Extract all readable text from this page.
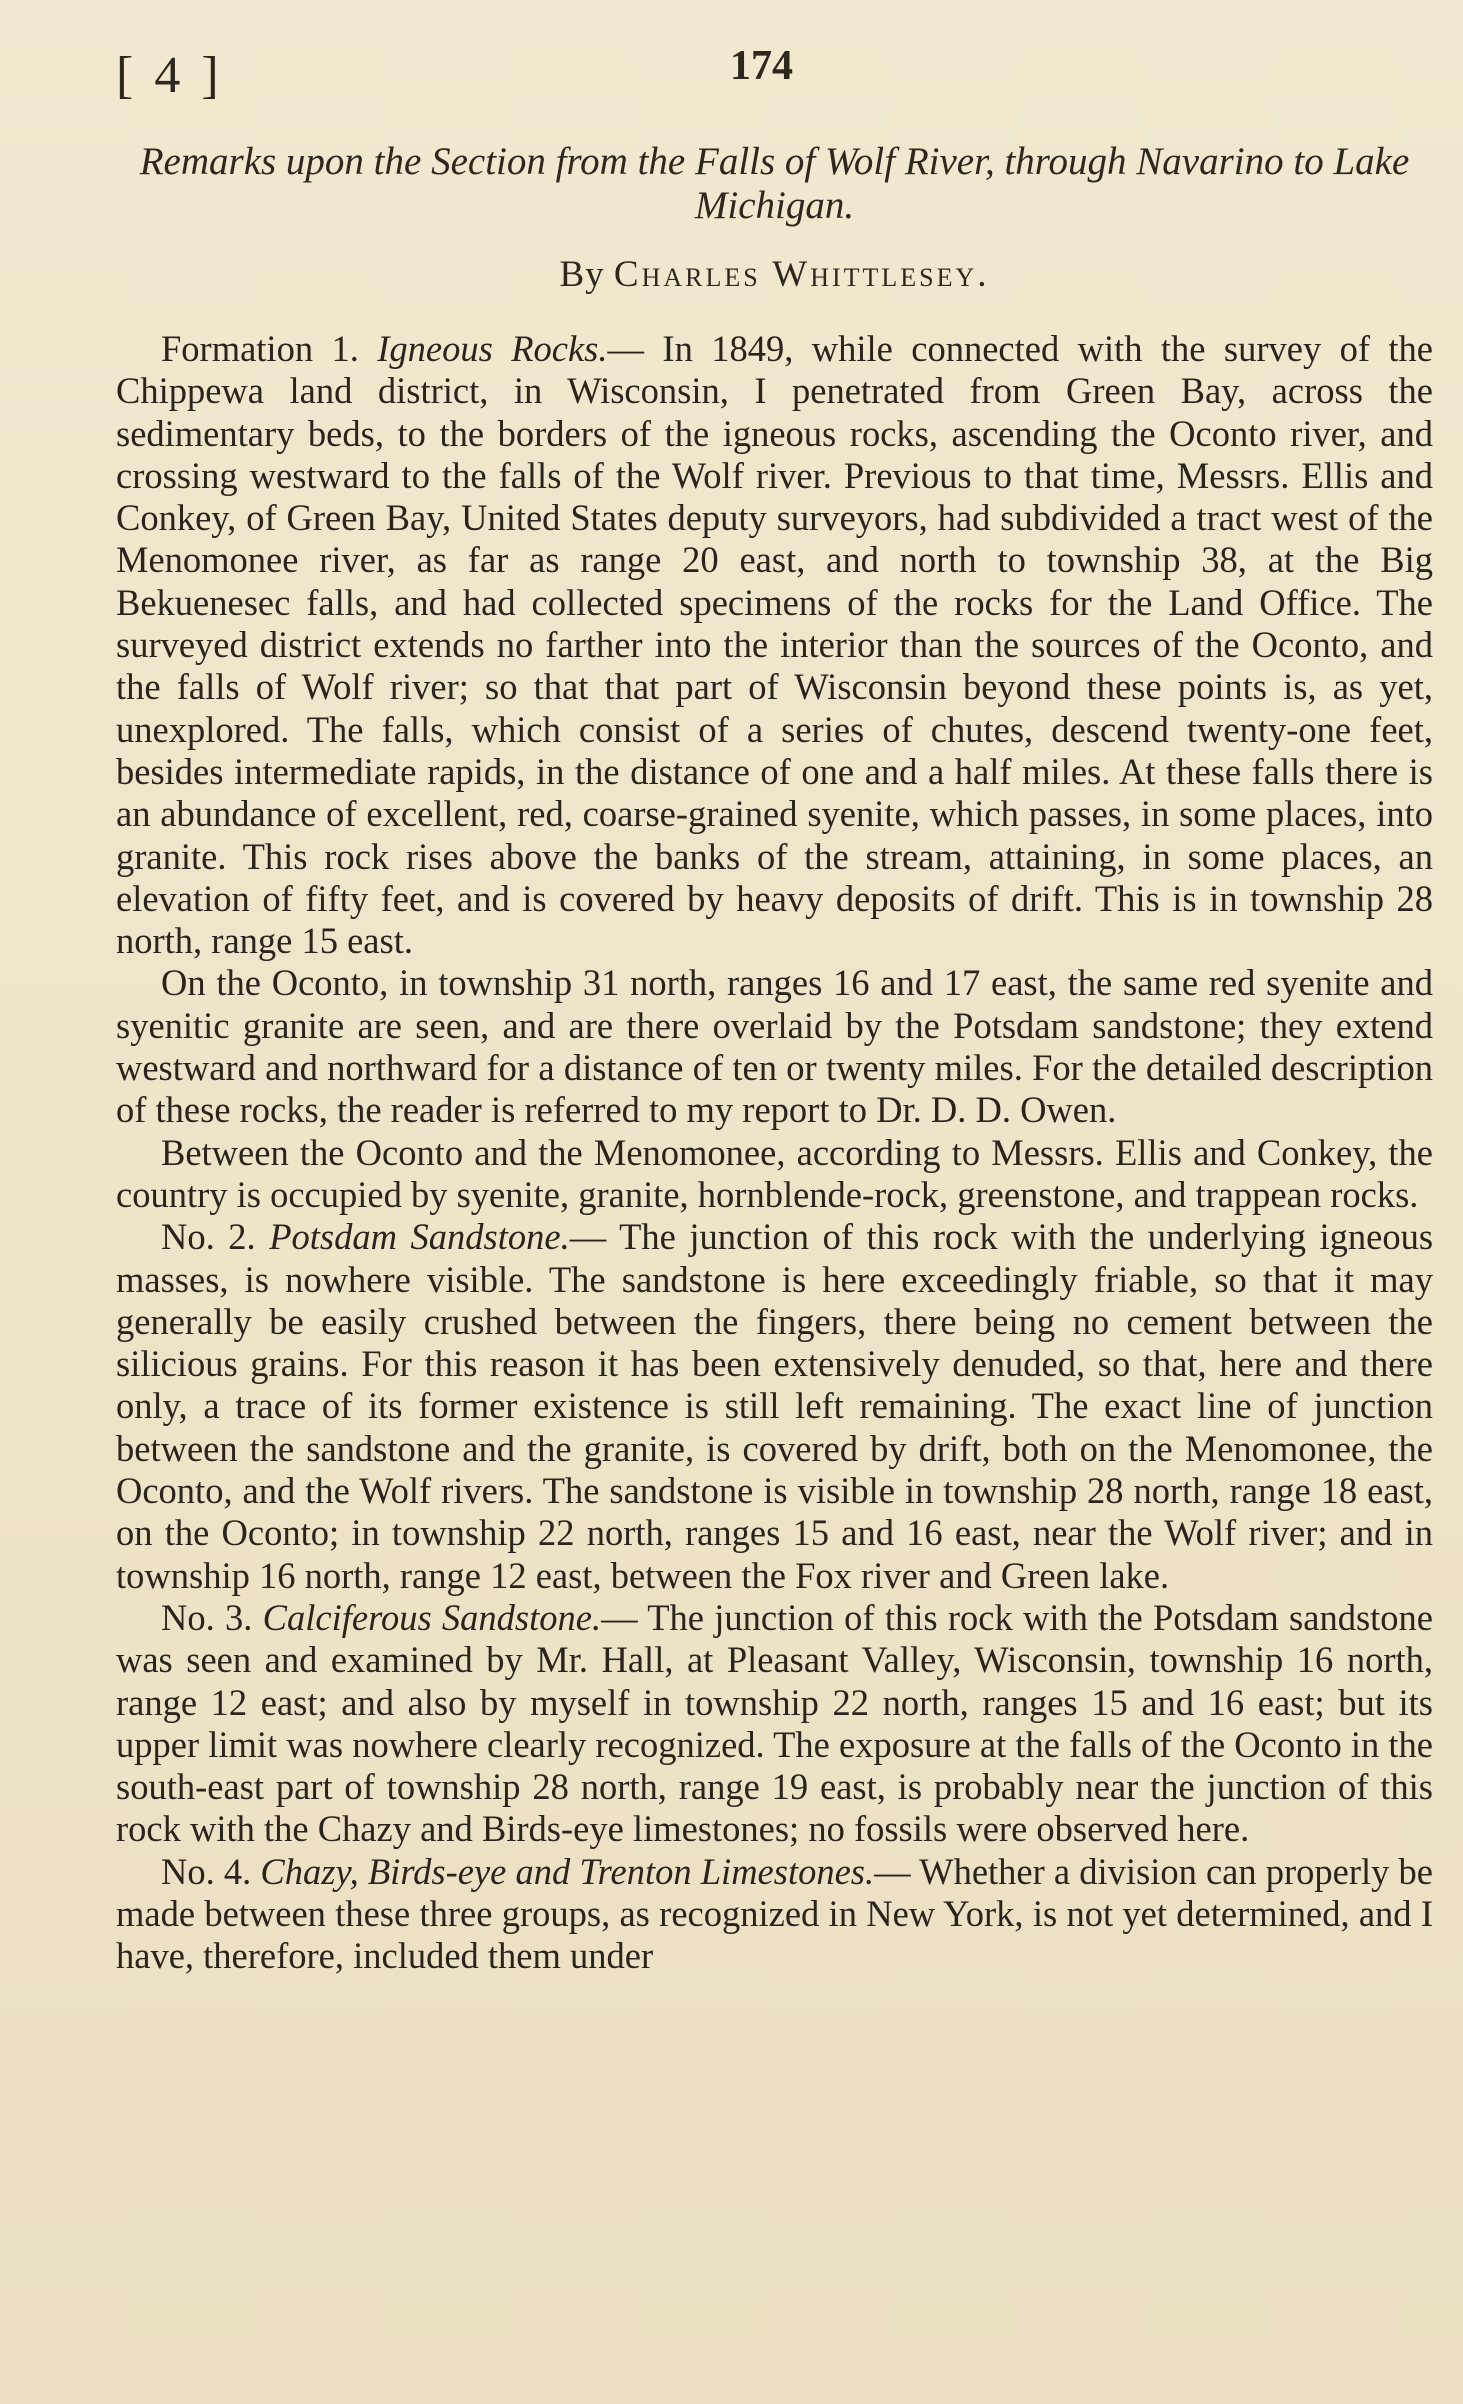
[ 4 ]	174
Remarks upon the Section from the Falls of Wolf River, through Navarino to Lake Michigan.
By Charles Whittlesey.

Formation 1. Igneous Rocks.— In 1849, while connected with the survey of the Chippewa land district, in Wisconsin, I penetrated from Green Bay, across the sedimentary beds, to the borders of the igneous rocks, ascending the Oconto river, and crossing westward to the falls of the Wolf river. Previous to that time, Messrs. Ellis and Conkey, of Green Bay, United States deputy surveyors, had subdivided a tract west of the Menomonee river, as far as range 20 east, and north to township 38, at the Big Bekuenesec falls, and had collected specimens of the rocks for the Land Office. The surveyed district extends no farther into the interior than the sources of the Oconto, and the falls of Wolf river; so that that part of Wisconsin beyond these points is, as yet, unexplored. The falls, which consist of a series of chutes, descend twenty-one feet, besides intermediate rapids, in the distance of one and a half miles. At these falls there is an abundance of excellent, red, coarse-grained syenite, which passes, in some places, into granite. This rock rises above the banks of the stream, attaining, in some places, an elevation of fifty feet, and is covered by heavy deposits of drift. This is in township 28 north, range 15 east.

On the Oconto, in township 31 north, ranges 16 and 17 east, the same red syenite and syenitic granite are seen, and are there overlaid by the Potsdam sandstone; they extend westward and northward for a distance of ten or twenty miles. For the detailed description of these rocks, the reader is referred to my report to Dr. D. D. Owen.

Between the Oconto and the Menomonee, according to Messrs. Ellis and Conkey, the country is occupied by syenite, granite, hornblende-rock, greenstone, and trappean rocks.

No. 2. Potsdam Sandstone.— The junction of this rock with the underlying igneous masses, is nowhere visible. The sandstone is here exceedingly friable, so that it may generally be easily crushed between the fingers, there being no cement between the silicious grains. For this reason it has been extensively denuded, so that, here and there only, a trace of its former existence is still left remaining. The exact line of junction between the sandstone and the granite, is covered by drift, both on the Menomonee, the Oconto, and the Wolf rivers. The sandstone is visible in township 28 north, range 18 east, on the Oconto; in township 22 north, ranges 15 and 16 east, near the Wolf river; and in township 16 north, range 12 east, between the Fox river and Green lake.

No. 3. Calciferous Sandstone.— The junction of this rock with the Potsdam sandstone was seen and examined by Mr. Hall, at Pleasant Valley, Wisconsin, township 16 north, range 12 east; and also by myself in township 22 north, ranges 15 and 16 east; but its upper limit was nowhere clearly recognized. The exposure at the falls of the Oconto in the south-east part of township 28 north, range 19 east, is probably near the junction of this rock with the Chazy and Birds-eye limestones; no fossils were observed here.

No. 4. Chazy, Birds-eye and Trenton Limestones.— Whether a division can properly be made between these three groups, as recognized in New York, is not yet determined, and I have, therefore, included them under
